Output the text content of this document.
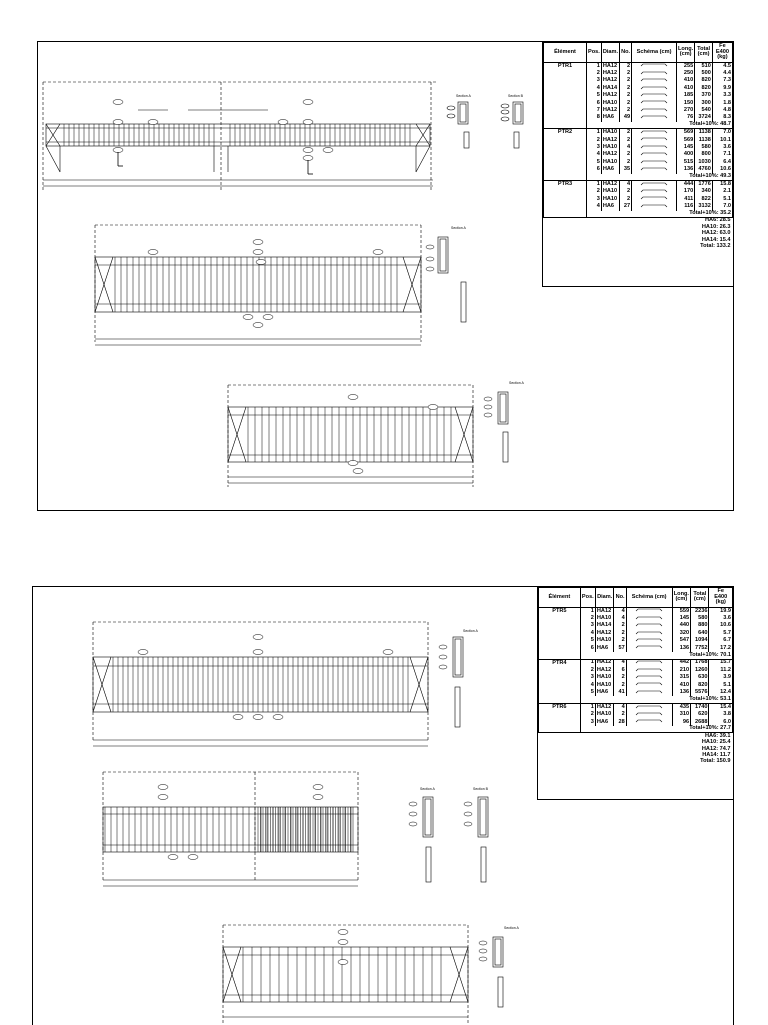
Section A	Section B
Section A
Section A
Élément	Pos.	Diam.	No.	Schéma (cm)	Long. (cm)	Total (cm)	Fe E400 (kg)
PTR1	1	HA12	2		255	510	4.5
	2	HA12	2		250	500	4.4
	3	HA12	2		410	820	7.3
	4	HA14	2		410	820	9.9
	5	HA12	2		185	370	3.3
	6	HA10	2		150	300	1.8
	7	HA12	2		270	540	4.8
	8	HA6	49		76	3724	8.3
	Total+10%: 48.7						
PTR2	1	HA10	2		569	1138	7.0
	2	HA12	2		569	1138	10.1
	3	HA10	4		145	580	3.6
	4	HA12	2		400	800	7.1
	5	HA10	2		515	1030	6.4
	6	HA6	35		136	4760	10.6
	Total+10%: 49.3						
PTR3	1	HA12	4		444	1776	15.8
	2	HA10	2		170	340	2.1
	3	HA10	2		411	822	5.1
	4	HA6	27		116	3132	7.0
	Total+10%: 35.2						
HA6: 28.5							
HA10: 26.3							
HA12: 63.0							
HA14: 15.4							
Total: 133.2							
Section A
Section A	Section B
Section A
Élément	Pos.	Diam.	No.	Schéma (cm)	Long. (cm)	Total (cm)	Fe E400 (kg)
PTR5	1	HA12	4		559	2236	19.9
	2	HA10	4		145	580	3.6
	3	HA14	2		440	880	10.6
	4	HA12	2		320	640	5.7
	5	HA10	2		547	1094	6.7
	6	HA6	57		136	7752	17.2
	Total+10%: 70.1						
PTR4	1	HA12	4		442	1768	15.7
	2	HA12	6		210	1260	11.2
	3	HA10	2		315	630	3.9
	4	HA10	2		410	820	5.1
	5	HA6	41		136	5576	12.4
	Total+10%: 53.1						
PTR6	1	HA12	4		435	1740	15.4
	2	HA10	2		310	620	3.8
	3	HA6	28		96	2688	6.0
	Total+10%: 27.7						
HA6: 39.1							
HA10: 25.4							
HA12: 74.7							
HA14: 11.7							
Total: 150.9							
